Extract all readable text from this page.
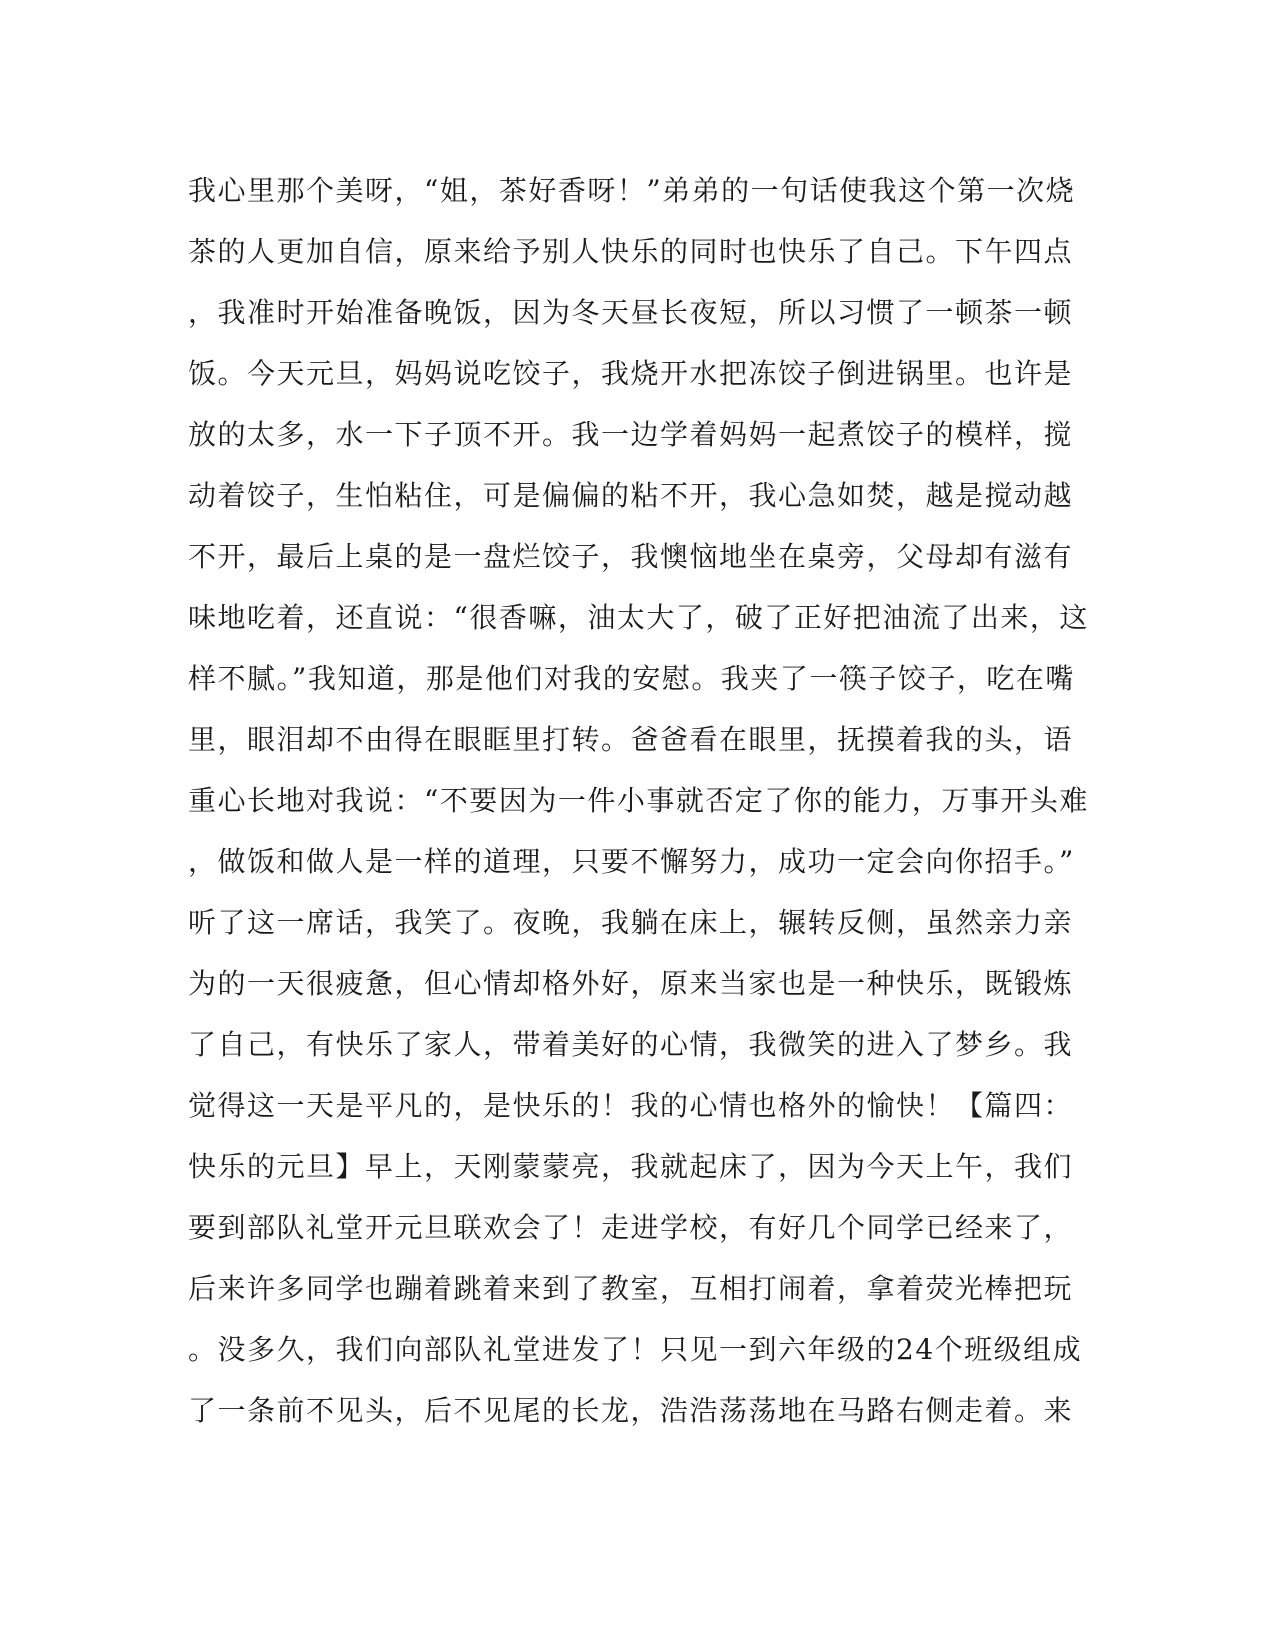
我心里那个美呀，“姐，茶好香呀！”弟弟的一句话使我这个第一次烧
茶的人更加自信，原来给予别人快乐的同时也快乐了自己。下午四点
，我准时开始准备晚饭，因为冬天昼长夜短，所以习惯了一顿茶一顿
饭。今天元旦，妈妈说吃饺子，我烧开水把冻饺子倒进锅里。也许是
放的太多，水一下子顶不开。我一边学着妈妈一起煮饺子的模样，搅
动着饺子，生怕粘住，可是偏偏的粘不开，我心急如焚，越是搅动越
不开，最后上桌的是一盘烂饺子，我懊恼地坐在桌旁，父母却有滋有
味地吃着，还直说：“很香嘛，油太大了，破了正好把油流了出来，这
样不腻。”我知道，那是他们对我的安慰。我夹了一筷子饺子，吃在嘴
里，眼泪却不由得在眼眶里打转。爸爸看在眼里，抚摸着我的头，语
重心长地对我说：“不要因为一件小事就否定了你的能力，万事开头难
，做饭和做人是一样的道理，只要不懈努力，成功一定会向你招手。”
听了这一席话，我笑了。夜晚，我躺在床上，辗转反侧，虽然亲力亲
为的一天很疲惫，但心情却格外好，原来当家也是一种快乐，既锻炼
了自己，有快乐了家人，带着美好的心情，我微笑的进入了梦乡。我
觉得这一天是平凡的，是快乐的！我的心情也格外的愉快！【篇四：
快乐的元旦】早上，天刚蒙蒙亮，我就起床了，因为今天上午，我们
要到部队礼堂开元旦联欢会了！走进学校，有好几个同学已经来了，
后来许多同学也蹦着跳着来到了教室，互相打闹着，拿着荧光棒把玩
。没多久，我们向部队礼堂进发了！只见一到六年级的24个班级组成
了一条前不见头，后不见尾的长龙，浩浩荡荡地在马路右侧走着。来
